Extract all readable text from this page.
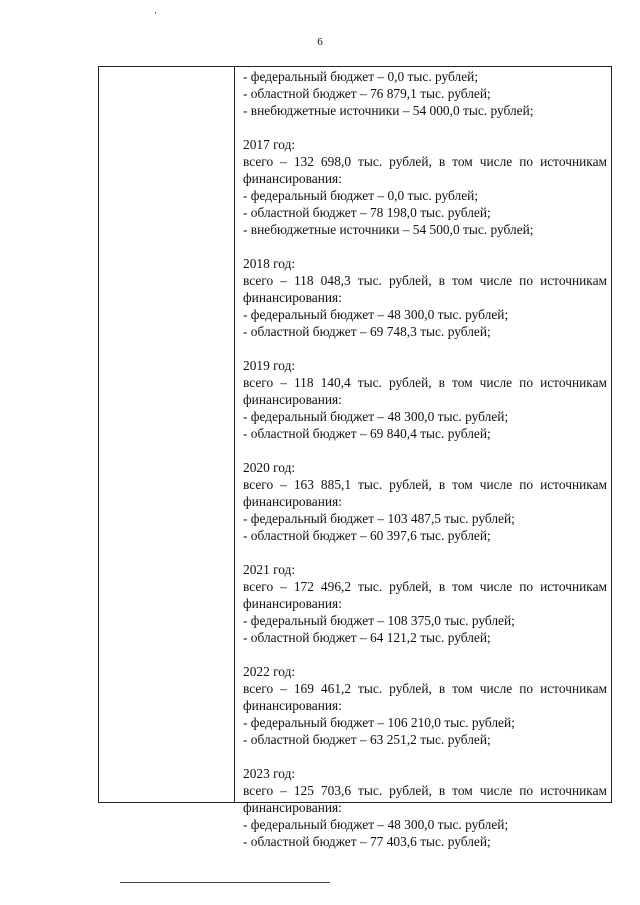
6
- федеральный бюджет – 0,0 тыс. рублей;
- областной бюджет – 76 879,1 тыс. рублей;
- внебюджетные источники – 54 000,0 тыс. рублей;
2017 год:
всего – 132 698,0 тыс. рублей, в том числе по источникам
финансирования:
- федеральный бюджет – 0,0 тыс. рублей;
- областной бюджет – 78 198,0 тыс. рублей;
- внебюджетные источники – 54 500,0 тыс. рублей;
2018 год:
всего – 118 048,3 тыс. рублей, в том числе по источникам
финансирования:
- федеральный бюджет – 48 300,0 тыс. рублей;
- областной бюджет – 69 748,3 тыс. рублей;
2019 год:
всего – 118 140,4 тыс. рублей, в том числе по источникам
финансирования:
- федеральный бюджет – 48 300,0 тыс. рублей;
- областной бюджет – 69 840,4 тыс. рублей;
2020 год:
всего – 163 885,1 тыс. рублей, в том числе по источникам
финансирования:
- федеральный бюджет – 103 487,5 тыс. рублей;
- областной бюджет – 60 397,6 тыс. рублей;
2021 год:
всего – 172 496,2 тыс. рублей, в том числе по источникам
финансирования:
- федеральный бюджет – 108 375,0 тыс. рублей;
- областной бюджет – 64 121,2 тыс. рублей;
2022 год:
всего – 169 461,2 тыс. рублей, в том числе по источникам
финансирования:
- федеральный бюджет – 106 210,0 тыс. рублей;
- областной бюджет – 63 251,2 тыс. рублей;
2023 год:
всего – 125 703,6 тыс. рублей, в том числе по источникам
финансирования:
- федеральный бюджет – 48 300,0 тыс. рублей;
- областной бюджет – 77 403,6 тыс. рублей;
